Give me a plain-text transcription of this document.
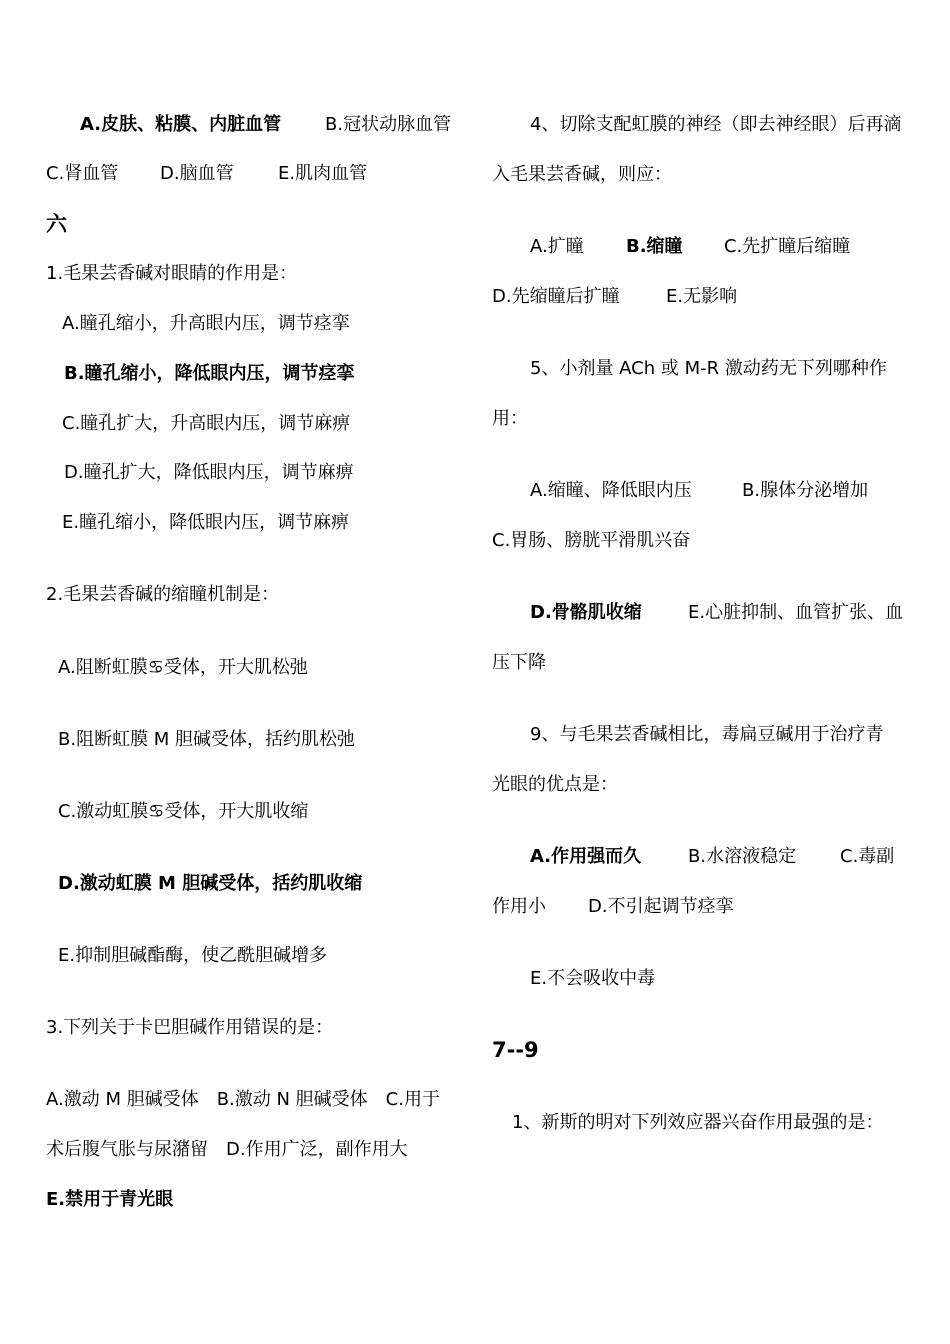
A.皮肤、粘膜、内脏血管 B.冠状动脉血管
C.肾血管 D.脑血管 E.肌肉血管
六
1.毛果芸香碱对眼睛的作用是：
A.瞳孔缩小，升高眼内压，调节痉挛
B.瞳孔缩小，降低眼内压，调节痉挛
C.瞳孔扩大，升高眼内压，调节麻痹
D.瞳孔扩大，降低眼内压，调节麻痹
E.瞳孔缩小，降低眼内压，调节麻痹
2.毛果芸香碱的缩瞳机制是：
A.阻断虹膜♋受体，开大肌松弛
B.阻断虹膜 M 胆碱受体，括约肌松弛
C.激动虹膜♋受体，开大肌收缩
D.激动虹膜 M 胆碱受体，括约肌收缩
E.抑制胆碱酯酶，使乙酰胆碱增多
3.下列关于卡巴胆碱作用错误的是：
A.激动 M 胆碱受体　B.激动 N 胆碱受体　C.用于
术后腹气胀与尿潴留　D.作用广泛，副作用大
E.禁用于青光眼
4、切除支配虹膜的神经（即去神经眼）后再滴
入毛果芸香碱，则应：
A.扩瞳 B.缩瞳 C.先扩瞳后缩瞳
D.先缩瞳后扩瞳	E.无影响
5、小剂量 ACh 或 M-R 激动药无下列哪种作
用：
A.缩瞳、降低眼内压	B.腺体分泌增加
C.胃肠、膀胱平滑肌兴奋
D.骨骼肌收缩	E.心脏抑制、血管扩张、血
压下降
9、与毛果芸香碱相比，毒扁豆碱用于治疗青
光眼的优点是：
A.作用强而久	B.水溶液稳定 C.毒副
作用小 D.不引起调节痉挛
E.不会吸收中毒
7--9
1、新斯的明对下列效应器兴奋作用最强的是：
